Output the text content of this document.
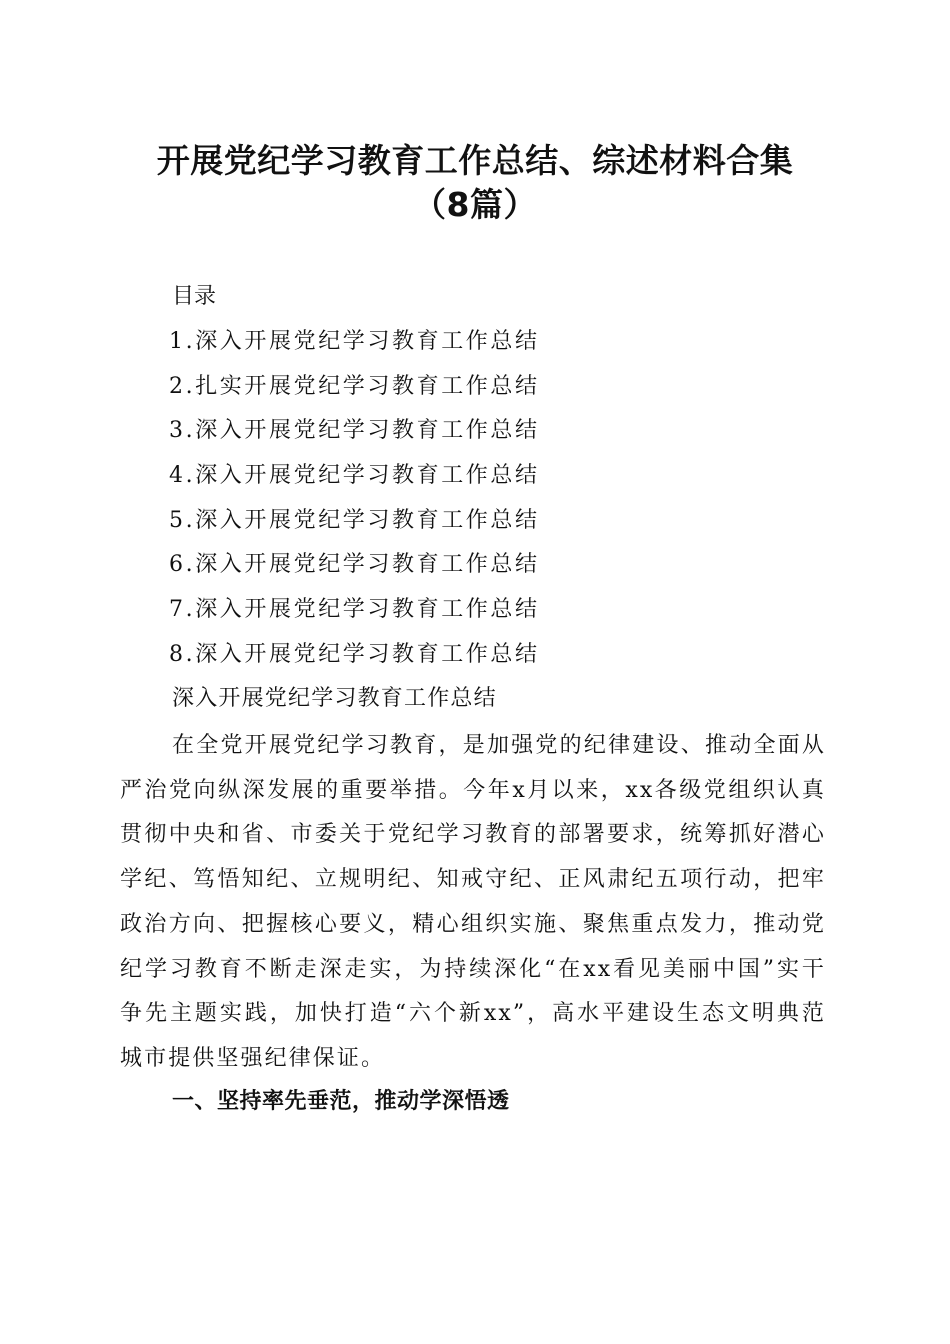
开展党纪学习教育工作总结、综述材料合集
（8篇）
目录
1.深入开展党纪学习教育工作总结
2.扎实开展党纪学习教育工作总结
3.深入开展党纪学习教育工作总结
4.深入开展党纪学习教育工作总结
5.深入开展党纪学习教育工作总结
6.深入开展党纪学习教育工作总结
7.深入开展党纪学习教育工作总结
8.深入开展党纪学习教育工作总结
深入开展党纪学习教育工作总结

在全党开展党纪学习教育，是加强党的纪律建设、推动全面从严治党向纵深发展的重要举措。今年x月以来，xx各级党组织认真贯彻中央和省、市委关于党纪学习教育的部署要求，统筹抓好潜心学纪、笃悟知纪、立规明纪、知戒守纪、正风肃纪五项行动，把牢政治方向、把握核心要义，精心组织实施、聚焦重点发力，推动党纪学习教育不断走深走实，为持续深化“在xx看见美丽中国”实干争先主题实践，加快打造“六个新xx”，高水平建设生态文明典范城市提供坚强纪律保证。

一、坚持率先垂范，推动学深悟透
